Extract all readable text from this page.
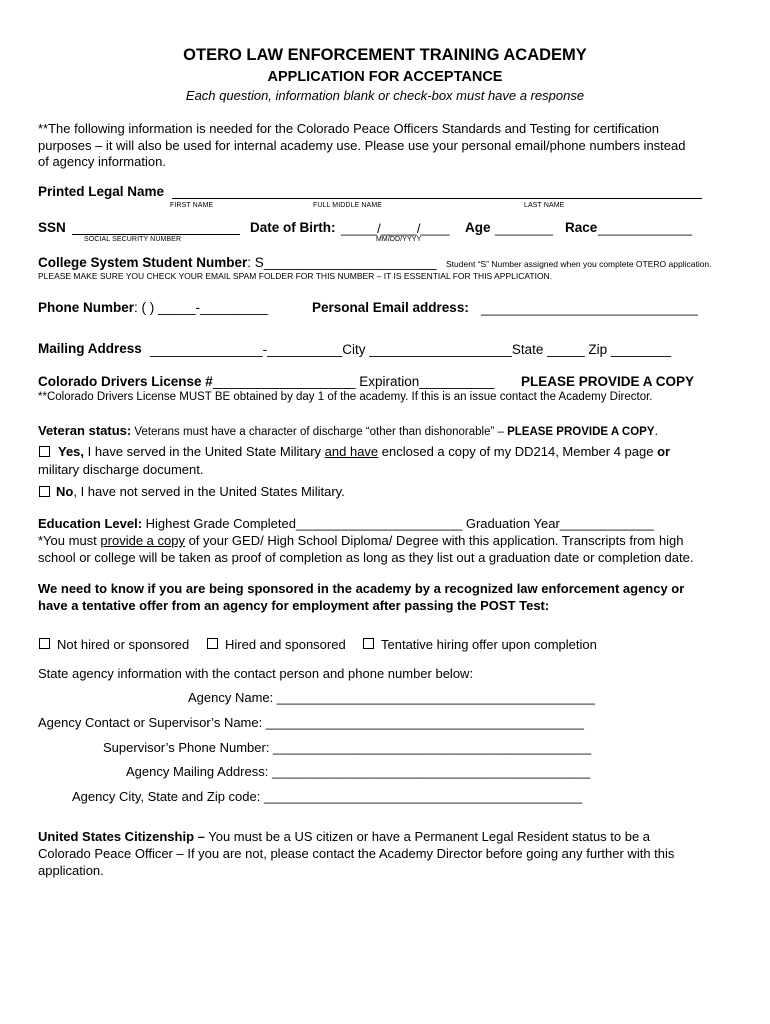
OTERO LAW ENFORCEMENT TRAINING ACADEMY
APPLICATION FOR ACCEPTANCE
Each question, information blank or check-box must have a response
**The following information is needed for the Colorado Peace Officers Standards and Testing for certification
purposes – it will also be used for internal academy use. Please use your personal email/phone numbers instead
of agency information.
Printed Legal Name
FIRST NAME	FULL MIDDLE NAME	LAST NAME
SSN
SOCIAL SECURITY NUMBER
Date of Birth: _____/_____/____
MM/DD/YYYY
Age ________ Race _____________
College System Student Number: S_______________________ Student “S” Number assigned when you complete OTERO application.
PLEASE MAKE SURE YOU CHECK YOUR EMAIL SPAM FOLDER FOR THIS NUMBER – IT IS ESSENTIAL FOR THIS APPLICATION.
Phone Number: ( ) _____-_________	Personal Email address: ______________________________
Mailing Address _______________-__________City ___________________State _____ Zip ________
Colorado Drivers License #___________________ Expiration__________ PLEASE PROVIDE A COPY
**Colorado Drivers License MUST BE obtained by day 1 of the academy. If this is an issue contact the Academy Director.
Veteran status: Veterans must have a character of discharge “other than dishonorable” – PLEASE PROVIDE A COPY.
Yes, I have served in the United State Military and have enclosed a copy of my DD214, Member 4 page or
military discharge document.
No, I have not served in the United States Military.
Education Level: Highest Grade Completed_______________________ Graduation Year_____________
*You must provide a copy of your GED/ High School Diploma/ Degree with this application. Transcripts from high
school or college will be taken as proof of completion as long as they list out a graduation date or completion date.
We need to know if you are being sponsored in the academy by a recognized law enforcement agency or
have a tentative offer from an agency for employment after passing the POST Test:
Not hired or sponsored	Hired and sponsored	Tentative hiring offer upon completion
State agency information with the contact person and phone number below:
Agency Name: ____________________________________________
Agency Contact or Supervisor’s Name: ____________________________________________
Supervisor’s Phone Number: ____________________________________________
Agency Mailing Address: ____________________________________________
Agency City, State and Zip code: ____________________________________________
United States Citizenship – You must be a US citizen or have a Permanent Legal Resident status to be a
Colorado Peace Officer – If you are not, please contact the Academy Director before going any further with this
application.
